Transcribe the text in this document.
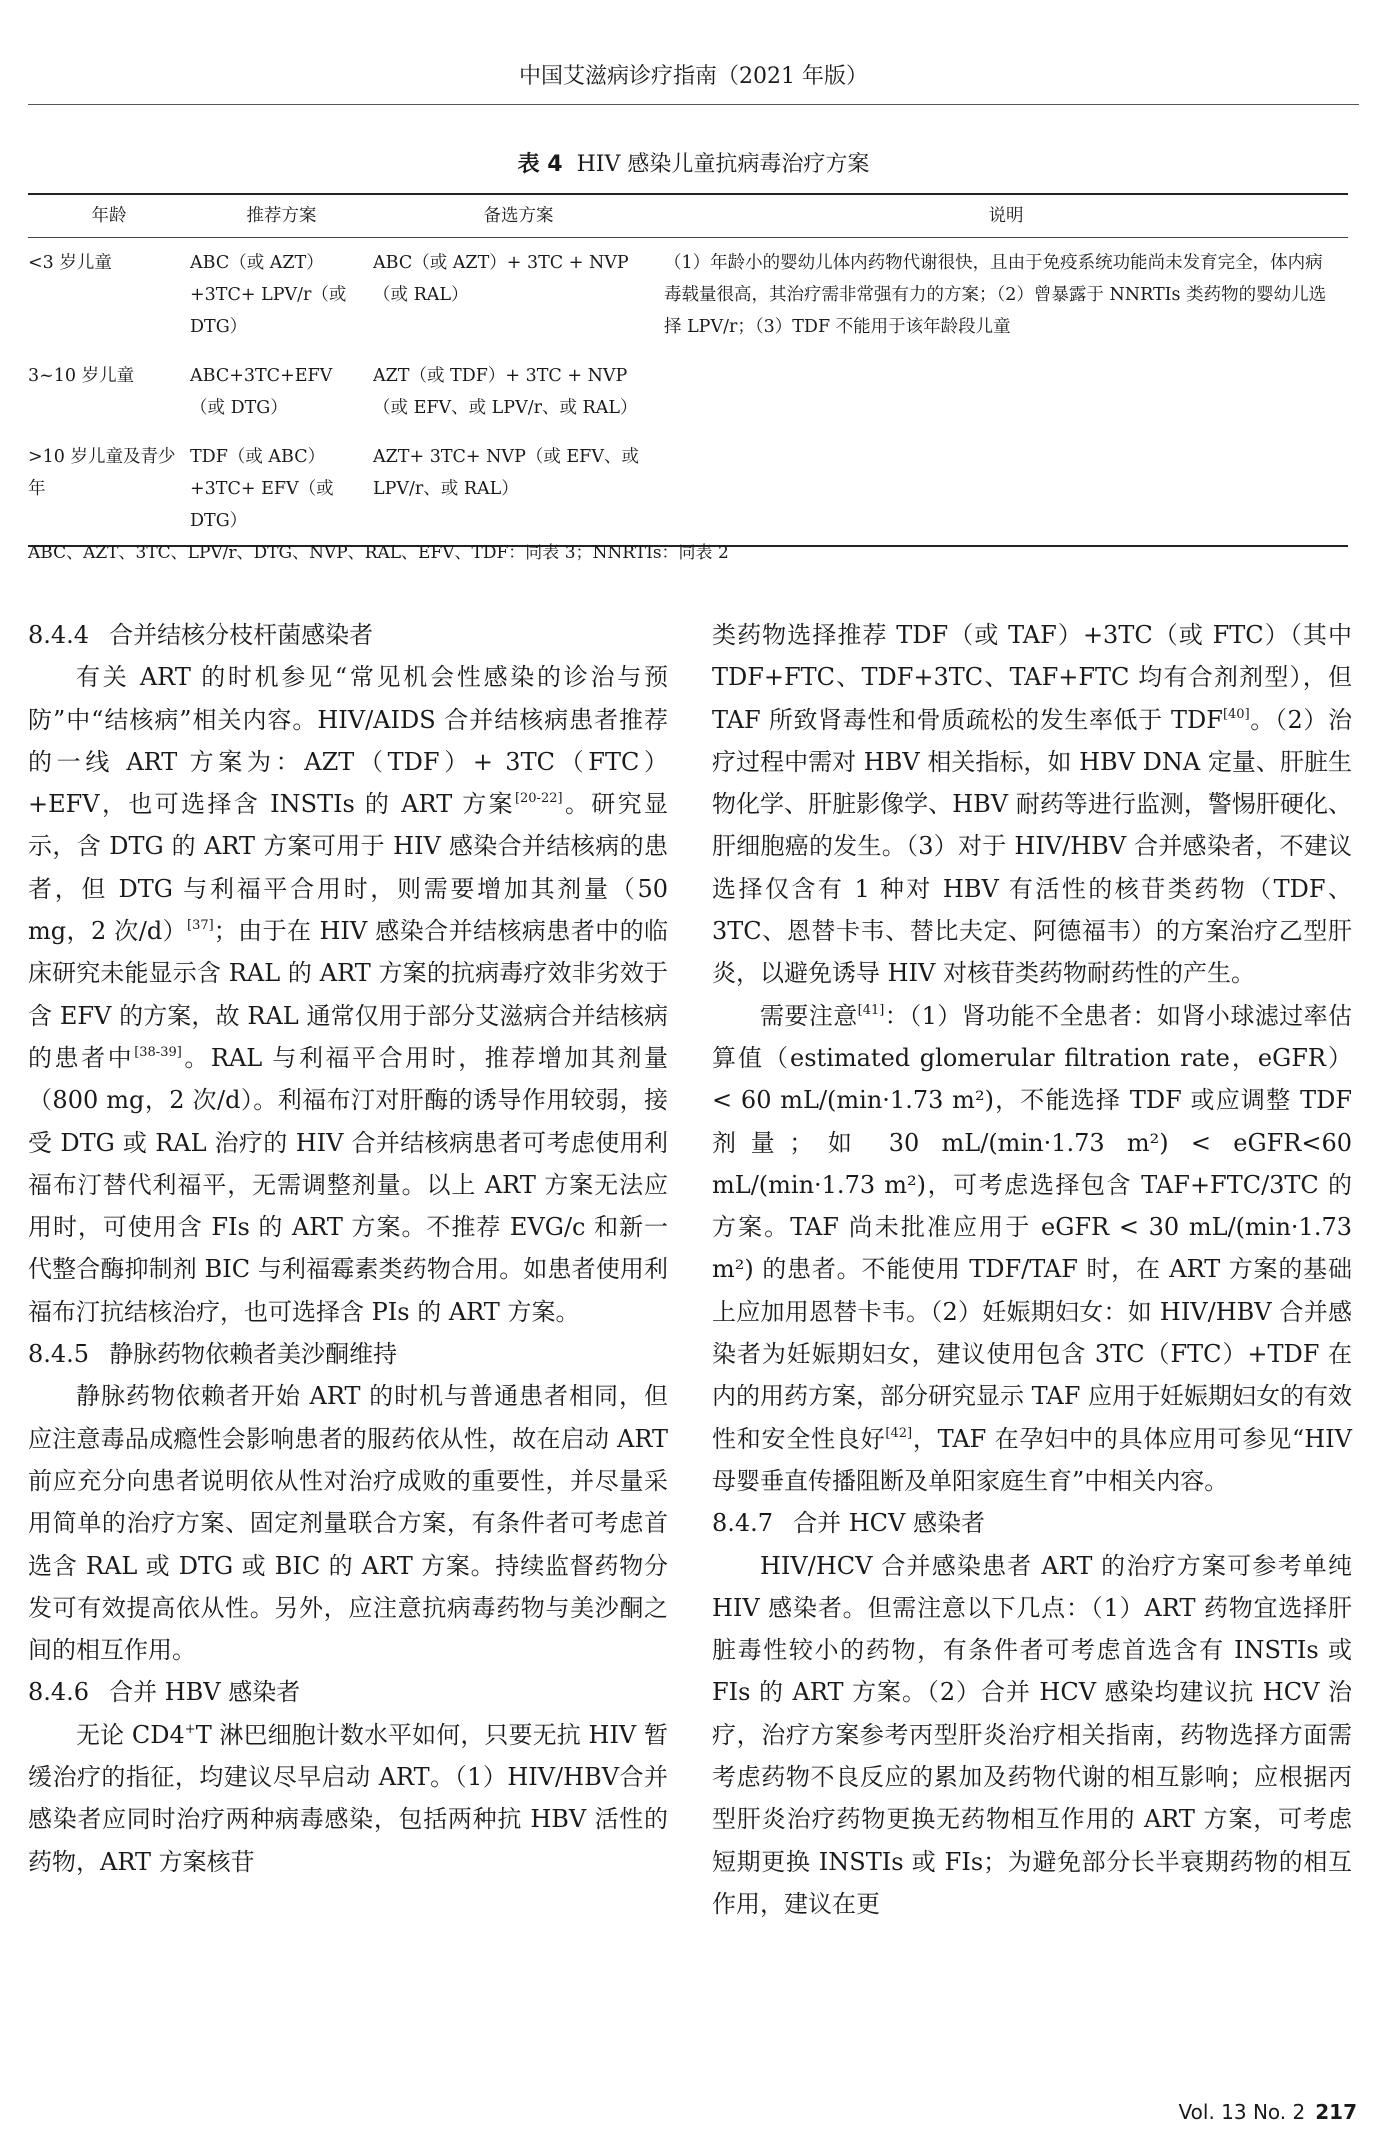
中国艾滋病诊疗指南（2021 年版）
表 4 HIV 感染儿童抗病毒治疗方案
年龄	推荐方案	备选方案	说明
<3 岁儿童	ABC（或 AZT）+3TC+ LPV/r（或 DTG）	ABC（或 AZT）+ 3TC + NVP（或 RAL）	（1）年龄小的婴幼儿体内药物代谢很快，且由于免疫系统功能尚未发育完全，体内病毒载量很高，其治疗需非常强有力的方案；（2）曾暴露于 NNRTIs 类药物的婴幼儿选择 LPV/r；（3）TDF 不能用于该年龄段儿童
3~10 岁儿童	ABC+3TC+EFV（或 DTG）	AZT（或 TDF）+ 3TC + NVP（或 EFV、或 LPV/r、或 RAL）	
>10 岁儿童及青少年	TDF（或 ABC）+3TC+ EFV（或 DTG）	AZT+ 3TC+ NVP（或 EFV、或 LPV/r、或 RAL）	
ABC、AZT、3TC、LPV/r、DTG、NVP、RAL、EFV、TDF：同表 3；NNRTIs：同表 2
8.4.4 合并结核分枝杆菌感染者

有关 ART 的时机参见“常见机会性感染的诊治与预防”中“结核病”相关内容。HIV/AIDS 合并结核病患者推荐的一线 ART 方案为：AZT（TDF）+ 3TC（FTC）+EFV，也可选择含 INSTIs 的 ART 方案[20-22]。研究显示，含 DTG 的 ART 方案可用于 HIV 感染合并结核病的患者，但 DTG 与利福平合用时，则需要增加其剂量（50 mg，2 次/d）[37]；由于在 HIV 感染合并结核病患者中的临床研究未能显示含 RAL 的 ART 方案的抗病毒疗效非劣效于含 EFV 的方案，故 RAL 通常仅用于部分艾滋病合并结核病的患者中[38-39]。RAL 与利福平合用时，推荐增加其剂量（800 mg，2 次/d）。利福布汀对肝酶的诱导作用较弱，接受 DTG 或 RAL 治疗的 HIV 合并结核病患者可考虑使用利福布汀替代利福平，无需调整剂量。以上 ART 方案无法应用时，可使用含 FIs 的 ART 方案。不推荐 EVG/c 和新一代整合酶抑制剂 BIC 与利福霉素类药物合用。如患者使用利福布汀抗结核治疗，也可选择含 PIs 的 ART 方案。

8.4.5 静脉药物依赖者美沙酮维持

静脉药物依赖者开始 ART 的时机与普通患者相同，但应注意毒品成瘾性会影响患者的服药依从性，故在启动 ART 前应充分向患者说明依从性对治疗成败的重要性，并尽量采用简单的治疗方案、固定剂量联合方案，有条件者可考虑首选含 RAL 或 DTG 或 BIC 的 ART 方案。持续监督药物分发可有效提高依从性。另外，应注意抗病毒药物与美沙酮之间的相互作用。

8.4.6 合并 HBV 感染者

无论 CD4+T 淋巴细胞计数水平如何，只要无抗 HIV 暂缓治疗的指征，均建议尽早启动 ART。（1）HIV/HBV合并感染者应同时治疗两种病毒感染，包括两种抗 HBV 活性的药物，ART 方案核苷

类药物选择推荐 TDF（或 TAF）+3TC（或 FTC）（其中 TDF+FTC、TDF+3TC、TAF+FTC 均有合剂剂型），但 TAF 所致肾毒性和骨质疏松的发生率低于 TDF[40]。（2）治疗过程中需对 HBV 相关指标，如 HBV DNA 定量、肝脏生物化学、肝脏影像学、HBV 耐药等进行监测，警惕肝硬化、肝细胞癌的发生。（3）对于 HIV/HBV 合并感染者，不建议选择仅含有 1 种对 HBV 有活性的核苷类药物（TDF、3TC、恩替卡韦、替比夫定、阿德福韦）的方案治疗乙型肝炎，以避免诱导 HIV 对核苷类药物耐药性的产生。

需要注意[41]：（1）肾功能不全患者：如肾小球滤过率估算值（estimated glomerular filtration rate，eGFR）< 60 mL/(min·1.73 m²)，不能选择 TDF 或应调整 TDF 剂量；如 30 mL/(min·1.73 m²) < eGFR<60 mL/(min·1.73 m²)，可考虑选择包含 TAF+FTC/3TC 的方案。TAF 尚未批准应用于 eGFR < 30 mL/(min·1.73 m²) 的患者。不能使用 TDF/TAF 时，在 ART 方案的基础上应加用恩替卡韦。（2）妊娠期妇女：如 HIV/HBV 合并感染者为妊娠期妇女，建议使用包含 3TC（FTC）+TDF 在内的用药方案，部分研究显示 TAF 应用于妊娠期妇女的有效性和安全性良好[42]，TAF 在孕妇中的具体应用可参见“HIV 母婴垂直传播阻断及单阳家庭生育”中相关内容。

8.4.7 合并 HCV 感染者

HIV/HCV 合并感染患者 ART 的治疗方案可参考单纯 HIV 感染者。但需注意以下几点：（1）ART 药物宜选择肝脏毒性较小的药物，有条件者可考虑首选含有 INSTIs 或 FIs 的 ART 方案。（2）合并 HCV 感染均建议抗 HCV 治疗，治疗方案参考丙型肝炎治疗相关指南，药物选择方面需考虑药物不良反应的累加及药物代谢的相互影响；应根据丙型肝炎治疗药物更换无药物相互作用的 ART 方案，可考虑短期更换 INSTIs 或 FIs；为避免部分长半衰期药物的相互作用，建议在更

Vol. 13 No. 2 217
